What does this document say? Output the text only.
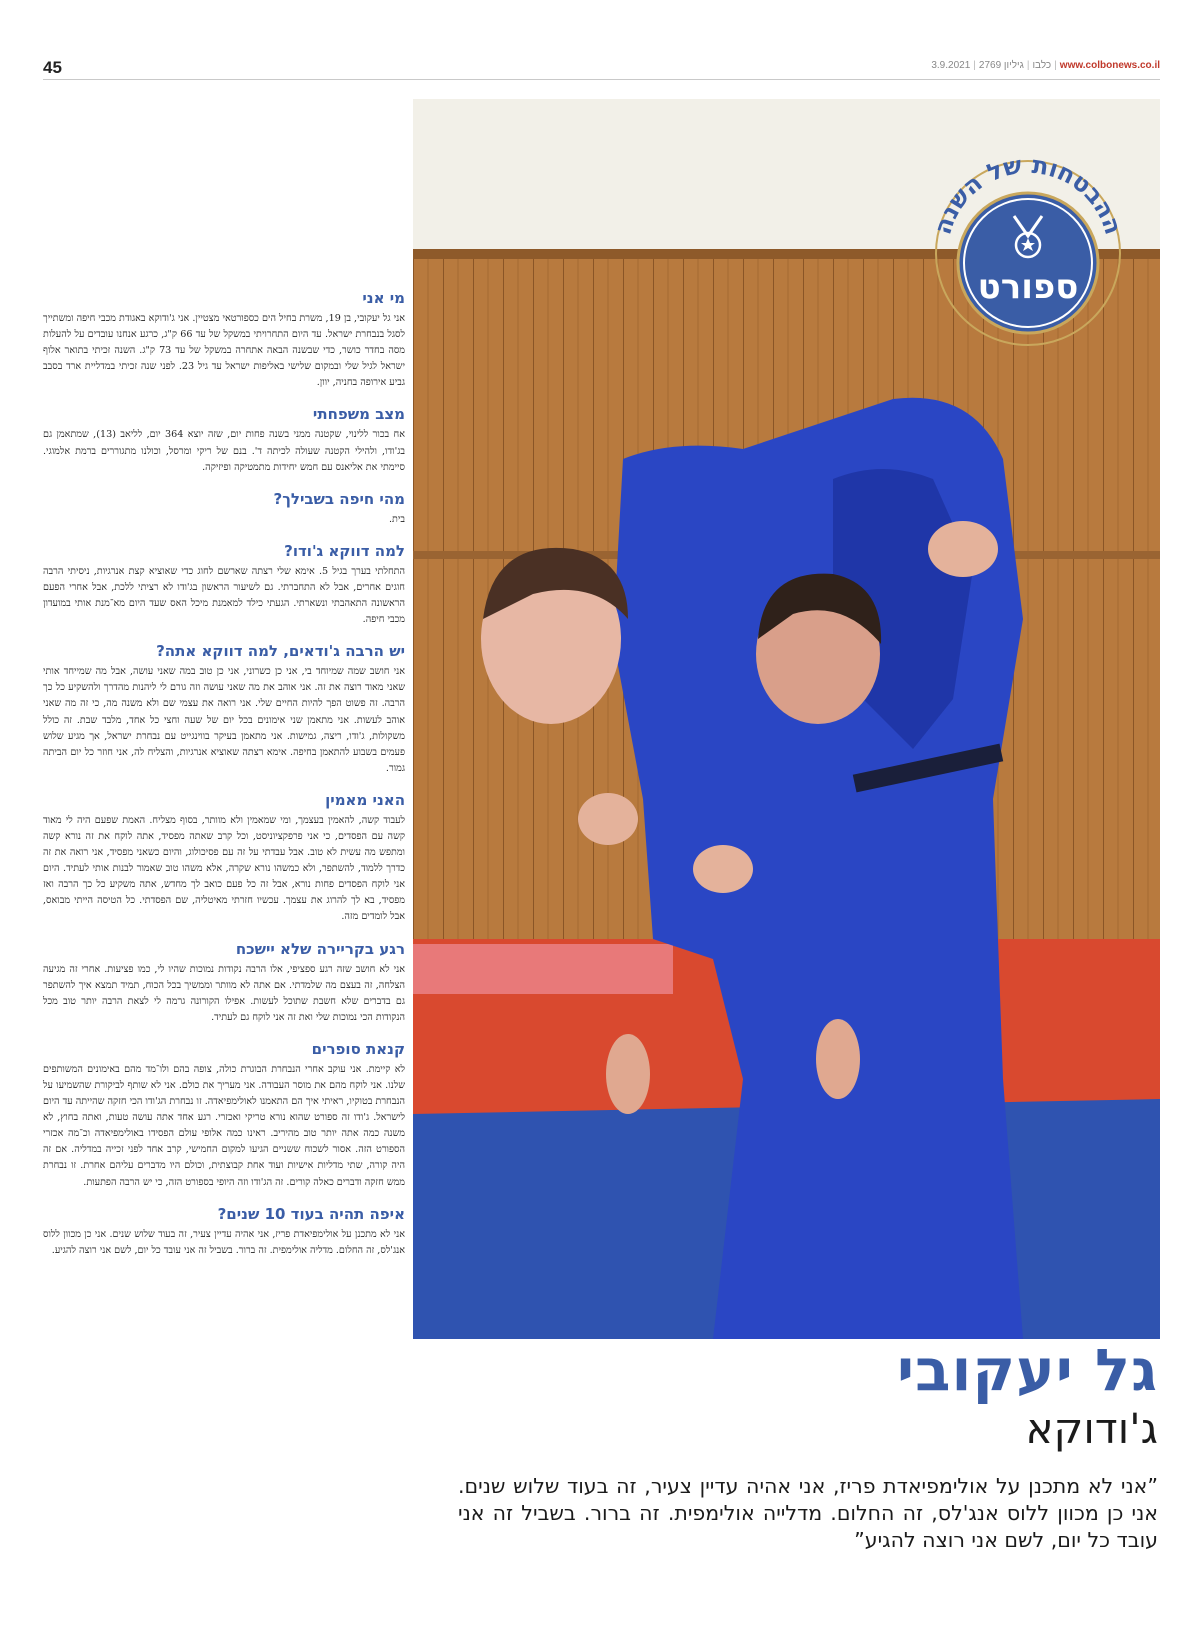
45	www.colbonews.co.il|כלבו|גיליון 2769|3.9.2021
ההבטחות של השנה
ספורט
מי אני
אני גל יעקובי, בן 19, משרת בחיל הים כספורטאי מצטיין. אני ג'ודוקא באגודת מכבי חיפה ומשתייך לסגל בנבחרת ישראל. עד היום התחרויתי במשקל של עד 66 ק"ג, כרגע אנחנו עובדים על להעלות מסה בחדר כושר, כדי שבשנה הבאה אתחרה במשקל של עד 73 ק"ג. השנה זכיתי בתואר אלוף ישראל לגיל שלי ובמקום שלישי באליפות ישראל עד גיל 23. לפני שנה זכיתי במדליית ארד בסבב גביע אירופה בחניה, יוון.
מצב משפחתי
אח בכור ללינוי, שקטנה ממני בשנה פחות יום, שזה יוצא 364 יום, לליאב (13), שמתאמן גם בג'ודו, ולהילי הקטנה שעולה לכיתה ד'. בנם של ריקי ומרסל, וכולנו מתגוררים ברמת אלמוגי. סיימתי את אליאנס עם חמש יחידות מתמטיקה ופיזיקה.
מהי חיפה בשבילך?
בית.
למה דווקא ג'ודו?
התחלתי בערך בגיל 5. אימא שלי רצתה שארשם לחוג כדי שאוציא קצת אנרגיות, ניסיתי הרבה חוגים אחרים, אבל לא התחברתי. גם לשיעור הראשון בג'ודו לא רציתי ללכת, אבל אחרי הפעם הראשונה התאהבתי ונשארתי. הגעתי כילד למאמנת מיכל האס שעד היום מא־מנת אותי במועדון מכבי חיפה.
יש הרבה ג'ודאים, למה דווקא אתה?
אני חושב שמה שמיוחד בי, אני כן כשרוני, אני כן טוב במה שאני עושה, אבל מה שמייחד אותי שאני מאוד רוצה את זה. אני אוהב את מה שאני עושה וזה גורם לי ליהנות מהדרך ולהשקיע כל כך הרבה. זה פשוט הפך להיות החיים שלי. אני רואה את עצמי שם ולא משנה מה, כי זה מה שאני אוהב לעשות. אני מתאמן שני אימונים בכל יום של שעה וחצי כל אחד, מלבד שבת. זה כולל משקולות, ג'ודו, ריצה, גמישות. אני מתאמן בעיקר בווינגייט עם נבחרת ישראל, אך מגיע שלוש פעמים בשבוע להתאמן בחיפה. אימא רצתה שאוציא אנרגיות, והצליח לה, אני חוזר כל יום הביתה גמור.
האני מאמין
לעבוד קשה, להאמין בעצמך, ומי שמאמין ולא מוותר, בסוף מצליח. האמת שפעם היה לי מאוד קשה עם הפסדים, כי אני פרפקציוניסט, וכל קרב שאתה מפסיד, אתה לוקח את זה נורא קשה ומתפש מה עשית לא טוב. אבל עבדתי על זה עם פסיכולוג, והיום כשאני מפסיד, אני רואה את זה כדרך ללמוד, להשתפר, ולא כמשהו נורא שקרה, אלא משהו טוב שאמור לבנות אותי לעתיד. היום אני לוקח הפסדים פחות נורא, אבל זה כל פעם כואב לך מחדש, אתה משקיע כל כך הרבה ואז מפסיד, בא לך להרוג את עצמך. עכשיו חזרתי מאיטליה, שם הפסדתי. כל הטיסה הייתי מבואס, אבל לומדים מזה.
רגע בקריירה שלא יישכח
אני לא חושב שזה רגע ספציפי, אלו הרבה נקודות נמוכות שהיו לי, כמו פציעות. אחרי זה מגיעה הצלחה, זה בעצם מה שלמדתי. אם אתה לא מוותר וממשיך בכל הכוח, תמיד תמצא איך להשתפר גם בדברים שלא חשבת שתוכל לעשות. אפילו הקורונה גרמה לי לצאת הרבה יותר טוב מכל הנקודות הכי נמוכות שלי ואת זה אני לוקח גם לעתיד.
קנאת סופרים
לא קיימת. אני עוקב אחרי הנבחרת הבוגרת כולה, צופה בהם ולו־מד מהם באימונים המשותפים שלנו. אני לוקח מהם את מוסר העבודה. אני מעריך את כולם. אני לא שותף לביקורת שהשמיעו על הנבחרת בטוקיו, ראיתי איך הם התאמנו לאולימפיאדה. זו נבחרת הג'ודו הכי חזקה שהייתה עד היום לישראל. ג'ודו זה ספורט שהוא נורא טריקי ואכזרי. רגע אחד אתה עושה טעות, ואתה בחוץ, לא משנה כמה אתה יותר טוב מהיריב. ראינו כמה אלופי עולם הפסידו באולימפיאדה וכ־מה אכזרי הספורט הזה. אסור לשכוח ששניים הגיעו למקום החמישי, קרב אחד לפני זכייה במדליה. אם זה היה קורה, שתי מדליות אישיות ועוד אחת קבוצתית, וכולם היו מדברים עליהם אחרת. זו נבחרת ממש חזקה ודברים כאלה קורים. זה הג'ודו וזה היופי בספורט הזה, כי יש הרבה הפתעות.
איפה תהיה בעוד 10 שנים?
אני לא מתכנן על אולימפיאדת פריז, אני אהיה עדיין צעיר, זה בעוד שלוש שנים. אני כן מכוון ללוס אנג'לס, זה החלום. מדליה אולימפית. זה ברור. בשביל זה אני עובד כל יום, לשם אני רוצה להגיע.
גל יעקובי
ג'ודוקא
”אני לא מתכנן על אולימפיאדת פריז, אני אהיה עדיין צעיר, זה בעוד שלוש שנים. אני כן מכוון ללוס אנג'לס, זה החלום. מדלייה אולימפית. זה ברור. בשביל זה אני עובד כל יום, לשם אני רוצה להגיע”
